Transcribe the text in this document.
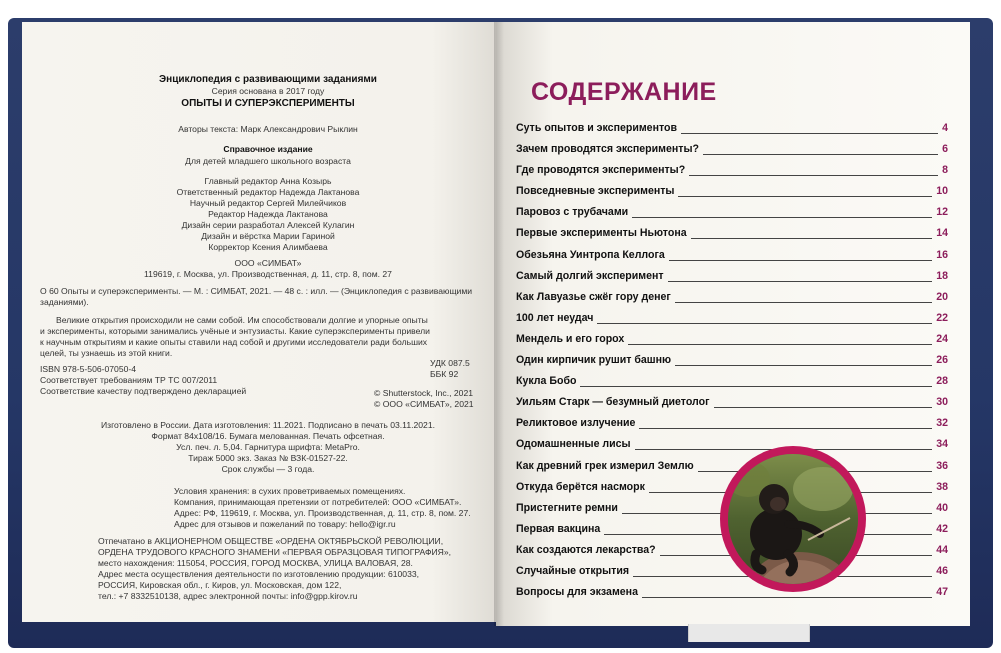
Энциклопедия с развивающими заданиями
Серия основана в 2017 году
ОПЫТЫ И СУПЕРЭКСПЕРИМЕНТЫ
Авторы текста: Марк Александрович Рыклин
Справочное издание
Для детей младшего школьного возраста
Главный редактор Анна Козырь
Ответственный редактор Надежда Лактанова
Научный редактор Сергей Милейчиков
Редактор Надежда Лактанова
Дизайн серии разработал Алексей Кулагин
Дизайн и вёрстка Марии Гариной
Корректор Ксения Алимбаева
ООО «СИМБАТ»
119619, г. Москва, ул. Производственная, д. 11, стр. 8, пом. 27
О 60 Опыты и суперэксперименты. — М. : СИМБАТ, 2021. — 48 с. : илл. — (Энциклопедия с развивающими
заданиями).
Великие открытия происходили не сами собой. Им способствовали долгие и упорные опыты
и эксперименты, которыми занимались учёные и энтузиасты. Какие суперэксперименты привели
к научным открытиям и какие опыты ставили над собой и другими исследователи ради больших
целей, ты узнаешь из этой книги.
УДК 087.5
ББК 92
ISBN 978-5-506-07050-4
Соответствует требованиям ТР ТС 007/2011
Соответствие качеству подтверждено декларацией	© Shutterstock, Inc., 2021
© ООО «СИМБАТ», 2021
Изготовлено в России. Дата изготовления: 11.2021. Подписано в печать 03.11.2021.
Формат 84х108/16. Бумага мелованная. Печать офсетная.
Усл. печ. л. 5,04. Гарнитура шрифта: MetaPro.
Тираж 5000 экз. Заказ № ВЗК-01527-22.
Срок службы — 3 года.
Условия хранения: в сухих проветриваемых помещениях.
Компания, принимающая претензии от потребителей: ООО «СИМБАТ».
Адрес: РФ, 119619, г. Москва, ул. Производственная, д. 11, стр. 8, пом. 27.
Адрес для отзывов и пожеланий по товару: hello@igr.ru
Отпечатано в АКЦИОНЕРНОМ ОБЩЕСТВЕ «ОРДЕНА ОКТЯБРЬСКОЙ РЕВОЛЮЦИИ,
ОРДЕНА ТРУДОВОГО КРАСНОГО ЗНАМЕНИ «ПЕРВАЯ ОБРАЗЦОВАЯ ТИПОГРАФИЯ»,
место нахождения: 115054, РОССИЯ, ГОРОД МОСКВА, УЛИЦА ВАЛОВАЯ, 28.
Адрес места осуществления деятельности по изготовлению продукции: 610033,
РОССИЯ, Кировская обл., г. Киров, ул. Московская, дом 122,
тел.: +7 8332510138, адрес электронной почты: info@gpp.kirov.ru
СОДЕРЖАНИЕ
Суть опытов и экспериментов	4
Зачем проводятся эксперименты?	6
Где проводятся эксперименты?	8
Повседневные эксперименты	10
Паровоз с трубачами	12
Первые эксперименты Ньютона	14
Обезьяна Уинтропа Келлога	16
Самый долгий эксперимент	18
Как Лавуазье сжёг гору денег	20
100 лет неудач	22
Мендель и его горох	24
Один кирпичик рушит башню	26
Кукла Бобо	28
Уильям Старк — безумный диетолог	30
Реликтовое излучение	32
Одомашненные лисы	34
Как древний грек измерил Землю	36
Откуда берётся насморк	38
Пристегните ремни	40
Первая вакцина	42
Как создаются лекарства?	44
Случайные открытия	46
Вопросы для экзамена	47
